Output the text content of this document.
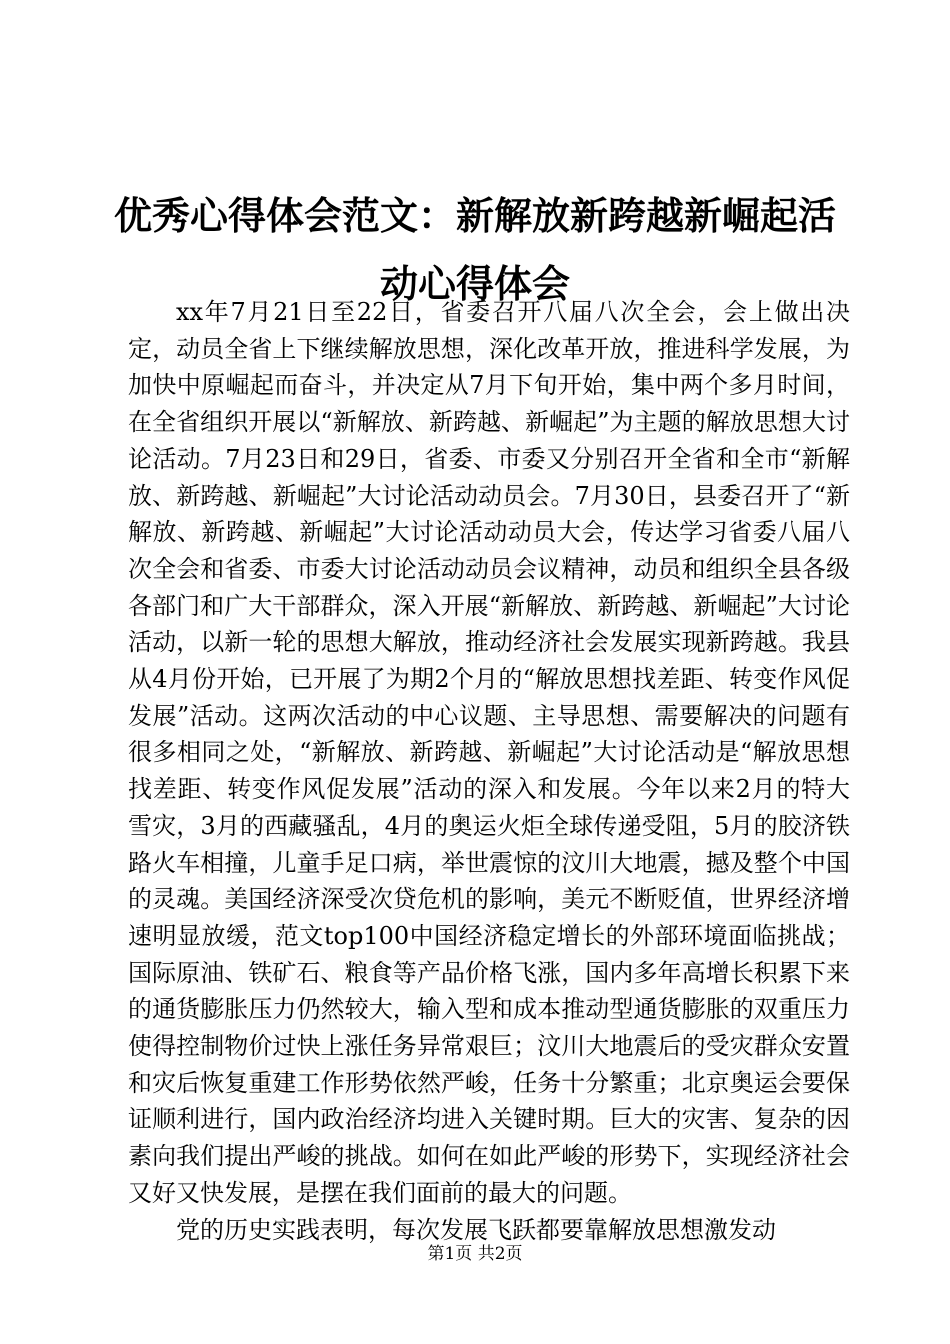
优秀心得体会范文：新解放新跨越新崛起活动心得体会

xx年7月21日至22日，省委召开八届八次全会，会上做出决定，动员全省上下继续解放思想，深化改革开放，推进科学发展，为加快中原崛起而奋斗，并决定从7月下旬开始，集中两个多月时间，在全省组织开展以“新解放、新跨越、新崛起”为主题的解放思想大讨论活动。7月23日和29日，省委、市委又分别召开全省和全市“新解放、新跨越、新崛起”大讨论活动动员会。7月30日，县委召开了“新解放、新跨越、新崛起”大讨论活动动员大会，传达学习省委八届八次全会和省委、市委大讨论活动动员会议精神，动员和组织全县各级各部门和广大干部群众，深入开展“新解放、新跨越、新崛起”大讨论活动，以新一轮的思想大解放，推动经济社会发展实现新跨越。我县从4月份开始，已开展了为期2个月的“解放思想找差距、转变作风促发展”活动。这两次活动的中心议题、主导思想、需要解决的问题有很多相同之处，“新解放、新跨越、新崛起”大讨论活动是“解放思想找差距、转变作风促发展”活动的深入和发展。今年以来2月的特大雪灾，3月的西藏骚乱，4月的奥运火炬全球传递受阻，5月的胶济铁路火车相撞，儿童手足口病，举世震惊的汶川大地震，撼及整个中国的灵魂。美国经济深受次贷危机的影响，美元不断贬值，世界经济增速明显放缓，范文top100中国经济稳定增长的外部环境面临挑战；国际原油、铁矿石、粮食等产品价格飞涨，国内多年高增长积累下来的通货膨胀压力仍然较大，输入型和成本推动型通货膨胀的双重压力使得控制物价过快上涨任务异常艰巨；汶川大地震后的受灾群众安置和灾后恢复重建工作形势依然严峻，任务十分繁重；北京奥运会要保证顺利进行，国内政治经济均进入关键时期。巨大的灾害、复杂的因素向我们提出严峻的挑战。如何在如此严峻的形势下，实现经济社会又好又快发展，是摆在我们面前的最大的问题。

党的历史实践表明，每次发展飞跃都要靠解放思想激发动

第1页 共2页
